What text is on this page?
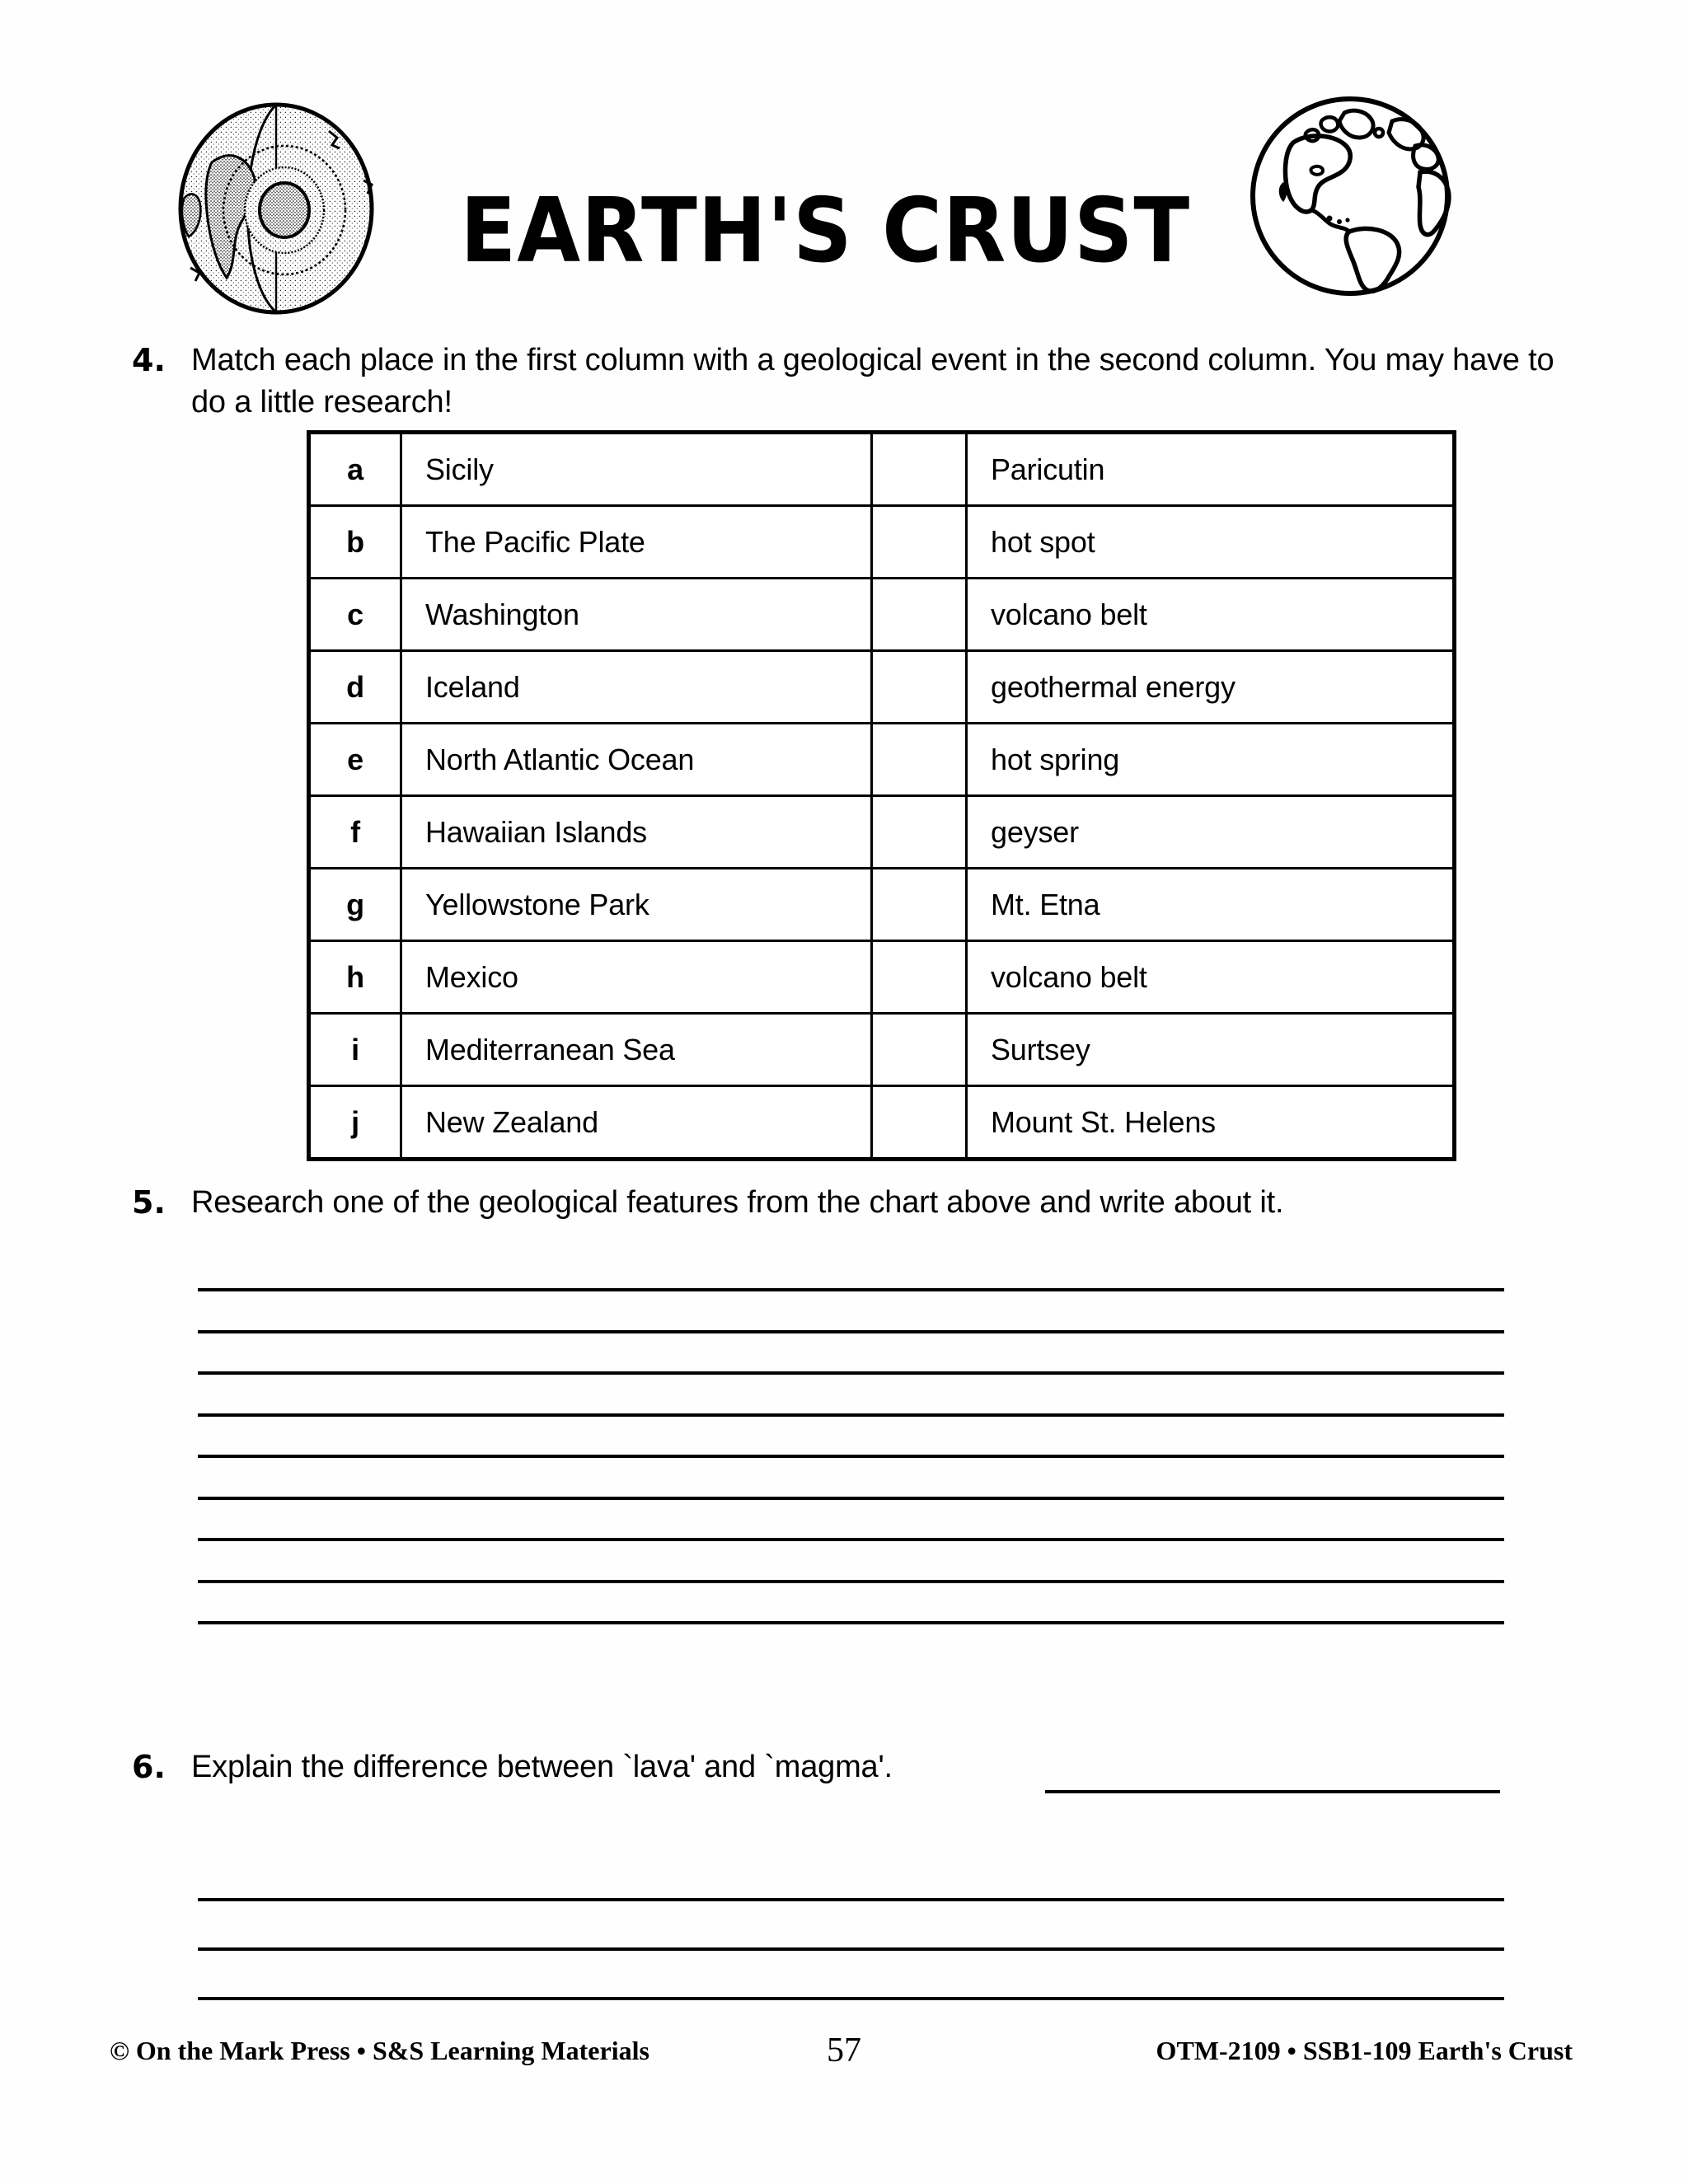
EARTH'S CRUST
4. Match each place in the first column with a geological event in the second column. You may have to do a little research!
a	Sicily		Paricutin
b	The Pacific Plate		hot spot
c	Washington		volcano belt
d	Iceland		geothermal energy
e	North Atlantic Ocean		hot spring
f	Hawaiian Islands		geyser
g	Yellowstone Park		Mt. Etna
h	Mexico		volcano belt
i	Mediterranean Sea		Surtsey
j	New Zealand		Mount St. Helens
5. Research one of the geological features from the chart above and write about it.
6. Explain the difference between `lava' and `magma'.
© On the Mark Press • S&S Learning Materials	57	OTM-2109 • SSB1-109 Earth's Crust
